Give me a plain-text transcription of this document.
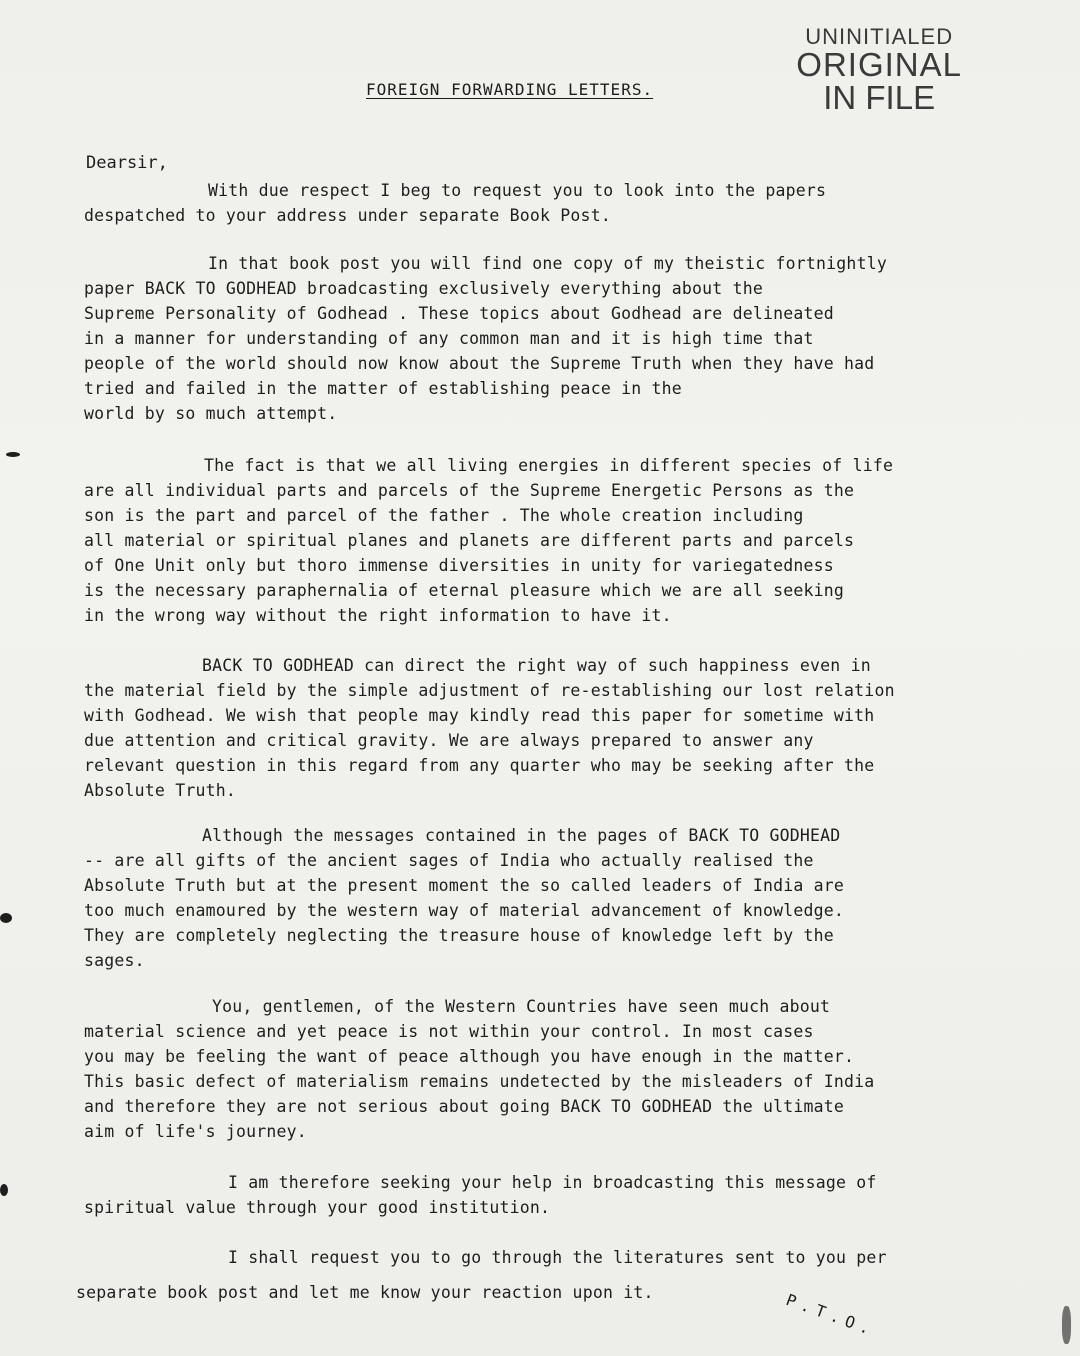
UNINITIALED
ORIGINAL
IN FILE
FOREIGN FORWARDING LETTERS.
Dearsir,
With due respect I beg to request you to look into the papers
despatched to your address under separate Book Post.
In that book post you will find one copy of my theistic fortnightly
paper BACK TO GODHEAD broadcasting exclusively everything about the
Supreme Personality of Godhead . These topics about Godhead are delineated
in a manner for understanding of any common man and it is high time that
people of the world should now know about the Supreme Truth when they have had
tried and failed in the matter of establishing peace in the
world by so much attempt.
The fact is that we all living energies in different species of life
are all individual parts and parcels of the Supreme Energetic Persons as the
son is the part and parcel of the father . The whole creation including
all material or spiritual planes and planets are different parts and parcels
of One Unit only but thoro immense diversities in unity for variegatedness
is the necessary paraphernalia of eternal pleasure which we are all seeking
in the wrong way without the right information to have it.
BACK TO GODHEAD can direct the right way of such happiness even in
the material field by the simple adjustment of re-establishing our lost relation
with Godhead. We wish that people may kindly read this paper for sometime with
due attention and critical gravity. We are always prepared to answer any
relevant question in this regard from any quarter who may be seeking after the
Absolute Truth.
Although the messages contained in the pages of BACK TO GODHEAD
-- are all gifts of the ancient sages of India who actually realised the
Absolute Truth but at the present moment the so called leaders of India are
too much enamoured by the western way of material advancement of knowledge.
They are completely neglecting the treasure house of knowledge left by the
sages.
You, gentlemen, of the Western Countries have seen much about
material science and yet peace is not within your control. In most cases
you may be feeling the want of peace although you have enough in the matter.
This basic defect of materialism remains undetected by the misleaders of India
and therefore they are not serious about going BACK TO GODHEAD the ultimate
aim of life's journey.
I am therefore seeking your help in broadcasting this message of
spiritual value through your good institution.
I shall request you to go through the literatures sent to you per
separate book post and let me know your reaction upon it.	P.T.O.
